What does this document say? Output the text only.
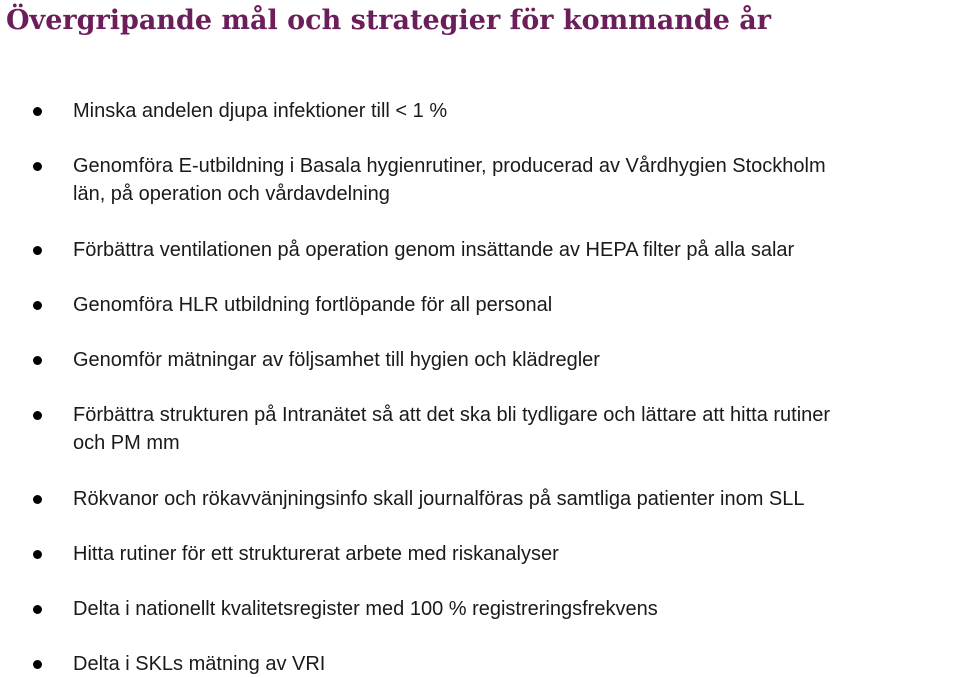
Övergripande mål och strategier för kommande år
Minska andelen djupa infektioner till < 1 %
Genomföra E-utbildning i Basala hygienrutiner, producerad av Vårdhygien Stockholm
län, på operation och vårdavdelning
Förbättra ventilationen på operation genom insättande av HEPA filter på alla salar
Genomföra HLR utbildning fortlöpande för all personal
Genomför mätningar av följsamhet till hygien och klädregler
Förbättra strukturen på Intranätet så att det ska bli tydligare och lättare att hitta rutiner
och PM mm
Rökvanor och rökavvänjningsinfo skall journalföras på samtliga patienter inom SLL
Hitta rutiner för ett strukturerat arbete med riskanalyser
Delta i nationellt kvalitetsregister med 100 % registreringsfrekvens
Delta i SKLs mätning av VRI
